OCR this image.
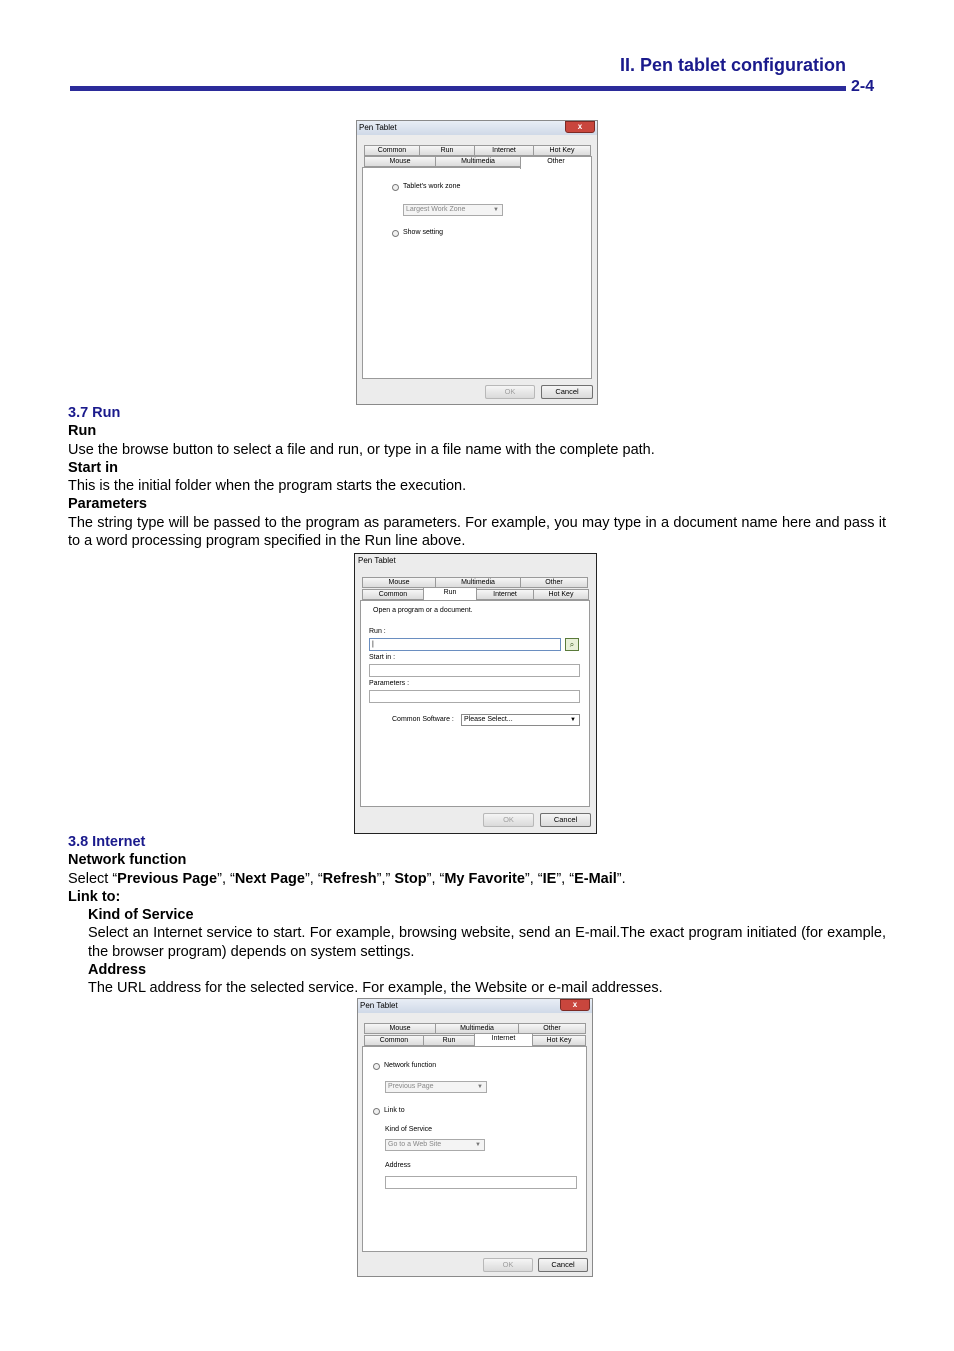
II. Pen tablet configuration
2-4
Pen Tablet	x
Common	Run	Internet	Hot Key
Mouse	Multimedia	Other
Tablet's work zone
Largest Work Zone	▼
Show setting
OK	Cancel
3.7 Run
Run
Use the browse button to select a file and run, or type in a file name with the complete path.
Start in
This is the initial folder when the program starts the execution.
Parameters
The string type will be passed to the program as parameters. For example, you may type in a document name here and pass it to a word processing program specified in the Run line above.
Pen Tablet
Mouse	Multimedia	Other
Common	Internet	Hot Key
Run
Open a program or a document.
Run :
|	⌕
Start in :
Parameters :
Common Software :	Please Select...	▼
OK	Cancel
3.8 Internet
Network function
Select “Previous Page”, “Next Page”, “Refresh”,” Stop”, “My Favorite”, “IE”, “E-Mail”.
Link to:
Kind of Service
Select an Internet service to start. For example, browsing website, send an E-mail.The exact program initiated (for example, the browser program) depends on system settings.
Address
The URL address for the selected service. For example, the Website or e-mail addresses.
Pen Tablet	x
Mouse	Multimedia	Other
Common	Run	Hot Key
Internet
Network function
Previous Page	▼
Link to
Kind of Service
Go to a Web Site	▼
Address
OK	Cancel
